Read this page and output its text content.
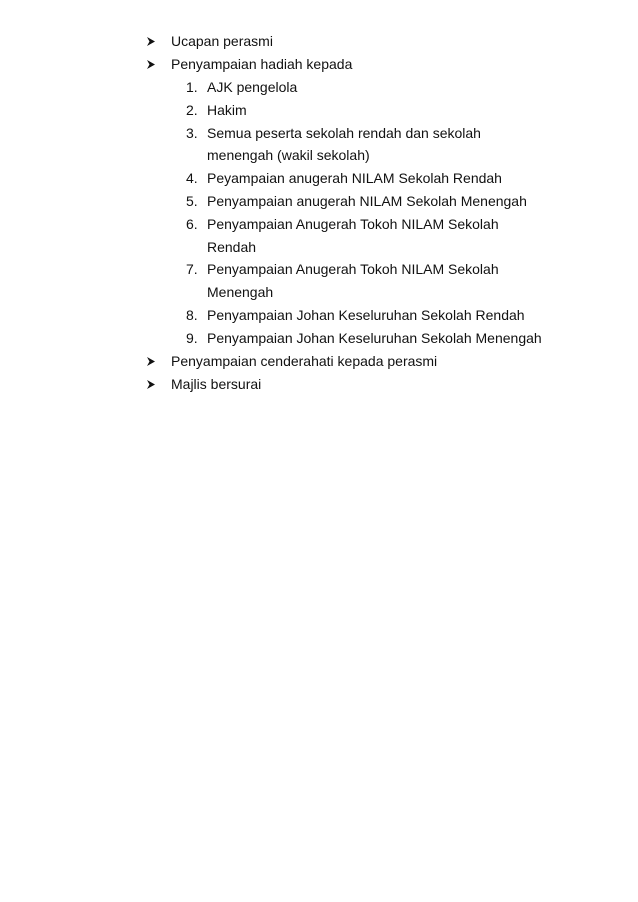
Ucapan perasmi
Penyampaian hadiah kepada
1. AJK pengelola
2. Hakim
3. Semua peserta sekolah rendah dan sekolah menengah (wakil sekolah)
4. Peyampaian anugerah NILAM Sekolah Rendah
5. Penyampaian anugerah NILAM Sekolah Menengah
6. Penyampaian Anugerah Tokoh NILAM Sekolah Rendah
7. Penyampaian Anugerah Tokoh NILAM Sekolah Menengah
8. Penyampaian Johan Keseluruhan Sekolah Rendah
9. Penyampaian Johan Keseluruhan Sekolah Menengah
Penyampaian cenderahati kepada perasmi
Majlis bersurai
